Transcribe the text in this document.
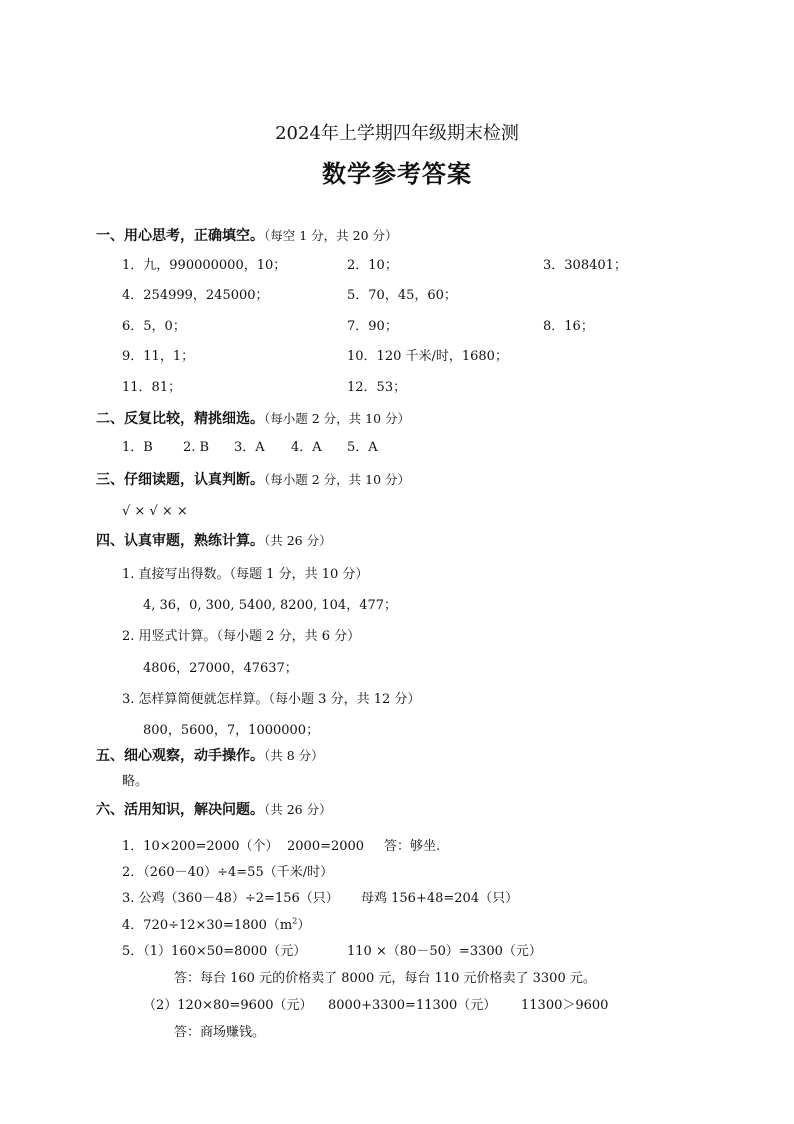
2024年上学期四年级期末检测
数学参考答案
一、用心思考，正确填空。（每空 1 分，共 20 分）
1．九，990000000，10；	2．10；	3．308401；
4．254999，245000；	5．70，45，60；
6．5，0；	7．90；	8．16；
9．11，1；	10．120 千米/时，1680；
11．81；	12．53；
二、反复比较，精挑细选。（每小题 2 分，共 10 分）
1．B 2. B 3．A 4．A 5．A
三、仔细读题，认真判断。（每小题 2 分，共 10 分）
√ × √ × ×
四、认真审题，熟练计算。（共 26 分）
1. 直接写出得数。（每题 1 分，共 10 分）
4, 36，0, 300, 5400, 8200, 104，477；
2. 用竖式计算。（每小题 2 分，共 6 分）
4806，27000，47637；
3. 怎样算简便就怎样算。（每小题 3 分，共 12 分）
800，5600，7，1000000；
五、细心观察，动手操作。（共 8 分）
略。
六、活用知识，解决问题。（共 26 分）
1．10×200=2000（个） 2000=2000 答：够坐.
2．（260－40）÷4=55（千米/时）
3. 公鸡（360－48）÷2=156（只） 母鸡 156+48=204（只）
4．$720\div 12\times 30=1800(m^2)$
5．（1）160×50=8000（元）	110 ×（80－50）=3300（元）
答：每台 160 元的价格卖了 8000 元，每台 110 元价格卖了 3300 元。
（2）120×80=9600（元） 8000+3300=11300（元） 11300＞9600
答：商场赚钱。
